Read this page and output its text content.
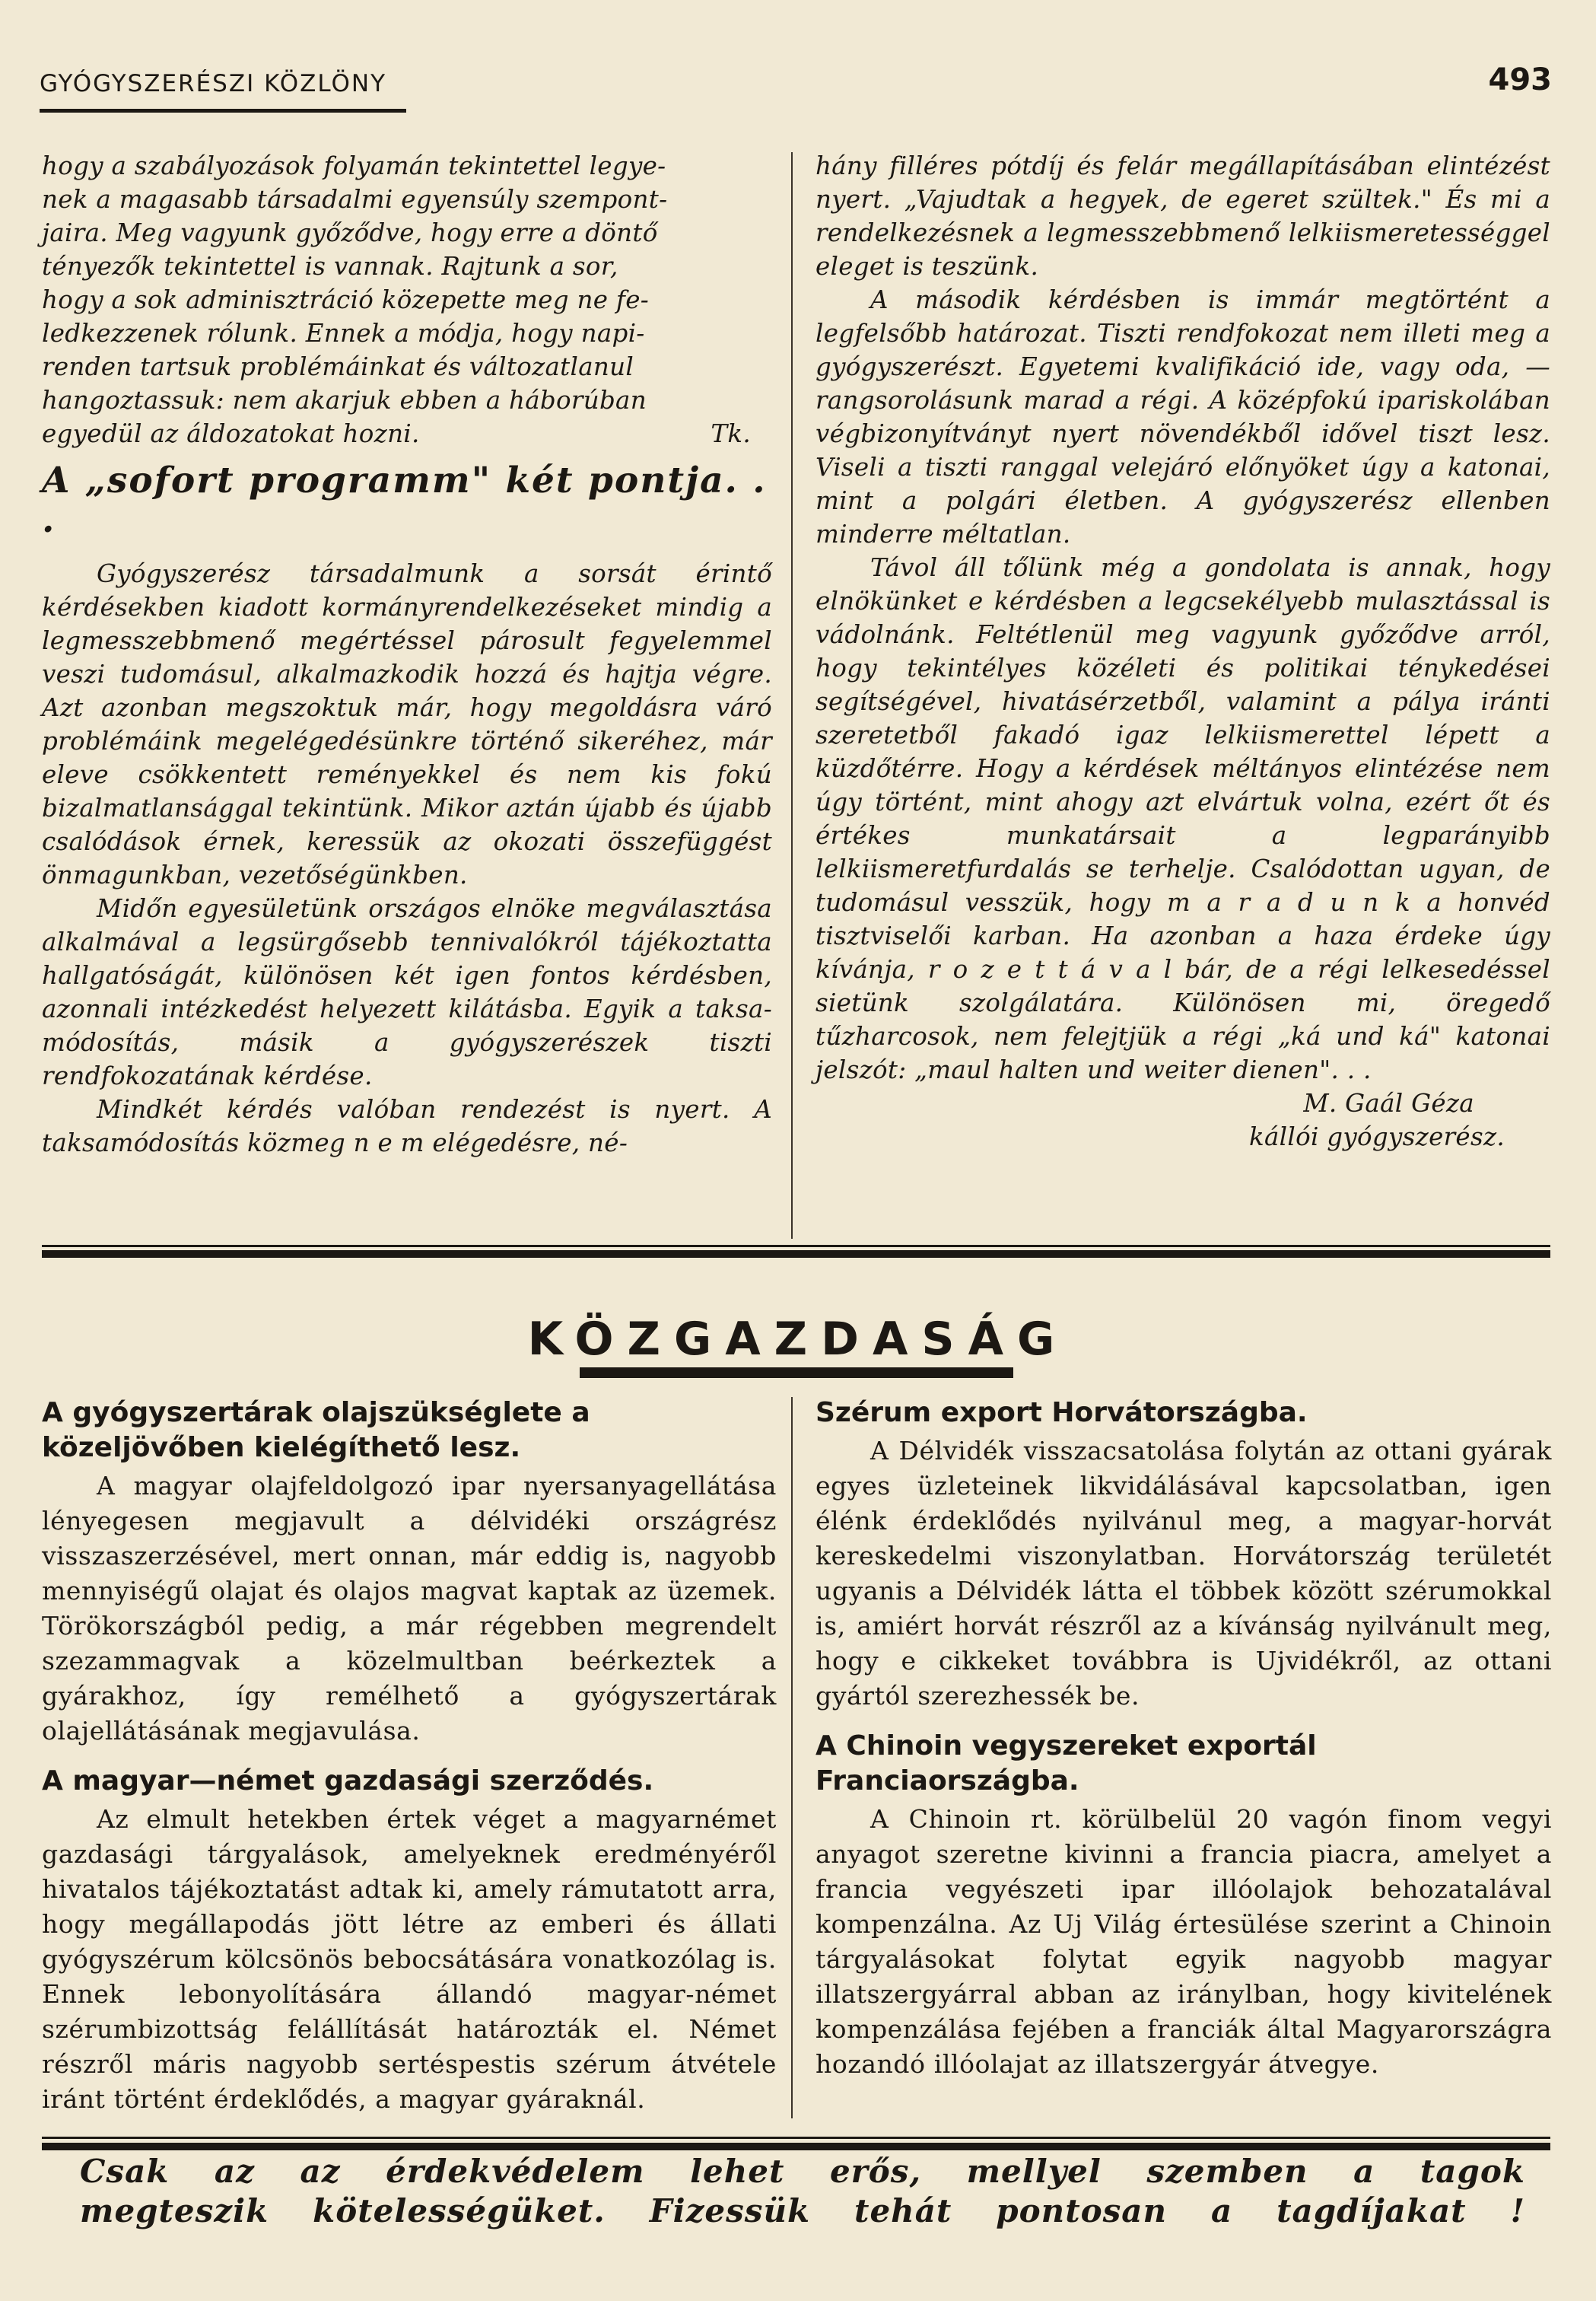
GYÓGYSZERÉSZI KÖZLÖNY	493

hogy a szabályozások folyamán tekintettel legye-
nek a magasabb társadalmi egyensúly szempont-
jaira. Meg vagyunk győződve, hogy erre a döntő
tényezők tekintettel is vannak. Rajtunk a sor,
hogy a sok adminisztráció közepette meg ne fe-
ledkezzenek rólunk. Ennek a módja, hogy napi-
renden tartsuk problémáinkat és változatlanul
hangoztassuk: nem akarjuk ebben a háborúban

egyedül az áldozatokat hozni.	Tk.

A „sofort programm" két pontja. . .

Gyógyszerész társadalmunk a sorsát érintő kérdésekben kiadott kormányrendelkezéseket mindig a legmesszebbmenő megértéssel párosult fegyelemmel veszi tudomásul, alkalmazkodik hozzá és hajtja végre. Azt azonban megszoktuk már, hogy megoldásra váró problémáink megelégedésünkre történő sikeréhez, már eleve csökkentett reményekkel és nem kis fokú bizalmatlansággal tekintünk. Mikor aztán újabb és újabb csalódások érnek, keressük az okozati összefüggést önmagunkban, vezetőségünkben.

Midőn egyesületünk országos elnöke megválasztása alkalmával a legsürgősebb tennivalókról tájékoztatta hallgatóságát, különösen két igen fontos kérdésben, azonnali intézkedést helyezett kilátásba. Egyik a taksa-módosítás, másik a gyógyszerészek tiszti rendfokozatának kérdése.

Mindkét kérdés valóban rendezést is nyert. A taksamódosítás közmeg n e m elégedésre, né-

hány filléres pótdíj és felár megállapításában elintézést nyert. „Vajudtak a hegyek, de egeret szültek." És mi a rendelkezésnek a legmesszebbmenő lelkiismeretességgel eleget is teszünk.

A második kérdésben is immár megtörtént a legfelsőbb határozat. Tiszti rendfokozat nem illeti meg a gyógyszerészt. Egyetemi kvalifikáció ide, vagy oda, — rangsorolásunk marad a régi. A középfokú ipariskolában végbizonyítványt nyert növendékből idővel tiszt lesz. Viseli a tiszti ranggal velejáró előnyöket úgy a katonai, mint a polgári életben. A gyógyszerész ellenben minderre méltatlan.

Távol áll tőlünk még a gondolata is annak, hogy elnökünket e kérdésben a legcsekélyebb mulasztással is vádolnánk. Feltétlenül meg vagyunk győződve arról, hogy tekintélyes közéleti és politikai ténykedései segítségével, hivatásérzetből, valamint a pálya iránti szeretetből fakadó igaz lelkiismerettel lépett a küzdőtérre. Hogy a kérdések méltányos elintézése nem úgy történt, mint ahogy azt elvártuk volna, ezért őt és értékes munkatársait a legparányibb lelkiismeretfurdalás se terhelje. Csalódottan ugyan, de tudomásul vesszük, hogy m a r a d u n k a honvéd tisztviselői karban. Ha azonban a haza érdeke úgy kívánja, r o z e t t á v a l bár, de a régi lelkesedéssel sietünk szolgálatára. Különösen mi, öregedő tűzharcosok, nem felejtjük a régi „ká und ká" katonai jelszót: „maul halten und weiter dienen". . .

M. Gaál Géza
kállói gyógyszerész.

KÖZGAZDASÁG
A gyógyszertárak olajszükséglete a közeljövőben kielégíthető lesz.

A magyar olajfeldolgozó ipar nyersanyagellátása lényegesen megjavult a délvidéki országrész visszaszerzésével, mert onnan, már eddig is, nagyobb mennyiségű olajat és olajos magvat kaptak az üzemek. Törökországból pedig, a már régebben megrendelt szezammagvak a közelmultban beérkeztek a gyárakhoz, így remélhető a gyógyszertárak olajellátásának megjavulása.

A magyar—német gazdasági szerződés.

Az elmult hetekben értek véget a magyarnémet gazdasági tárgyalások, amelyeknek eredményéről hivatalos tájékoztatást adtak ki, amely rámutatott arra, hogy megállapodás jött létre az emberi és állati gyógyszérum kölcsönös bebocsátására vonatkozólag is. Ennek lebonyolítására állandó magyar-német szérumbizottság felállítását határozták el. Német részről máris nagyobb sertéspestis szérum átvétele iránt történt érdeklődés, a magyar gyáraknál.

Szérum export Horvátországba.

A Délvidék visszacsatolása folytán az ottani gyárak egyes üzleteinek likvidálásával kapcsolatban, igen élénk érdeklődés nyilvánul meg, a magyar-horvát kereskedelmi viszonylatban. Horvátország területét ugyanis a Délvidék látta el többek között szérumokkal is, amiért horvát részről az a kívánság nyilvánult meg, hogy e cikkeket továbbra is Ujvidékről, az ottani gyártól szerezhessék be.

A Chinoin vegyszereket exportál Franciaországba.

A Chinoin rt. körülbelül 20 vagón finom vegyi anyagot szeretne kivinni a francia piacra, amelyet a francia vegyészeti ipar illóolajok behozatalával kompenzálna. Az Uj Világ értesülése szerint a Chinoin tárgyalásokat folytat egyik nagyobb magyar illatszergyárral abban az iránylban, hogy kivitelének kompenzálása fejében a franciák által Magyarországra hozandó illóolajat az illatszergyár átvegye.

Csak az az érdekvédelem lehet erős, mellyel szemben a tagok
megteszik kötelességüket. Fizessük tehát pontosan a tagdíjakat !
